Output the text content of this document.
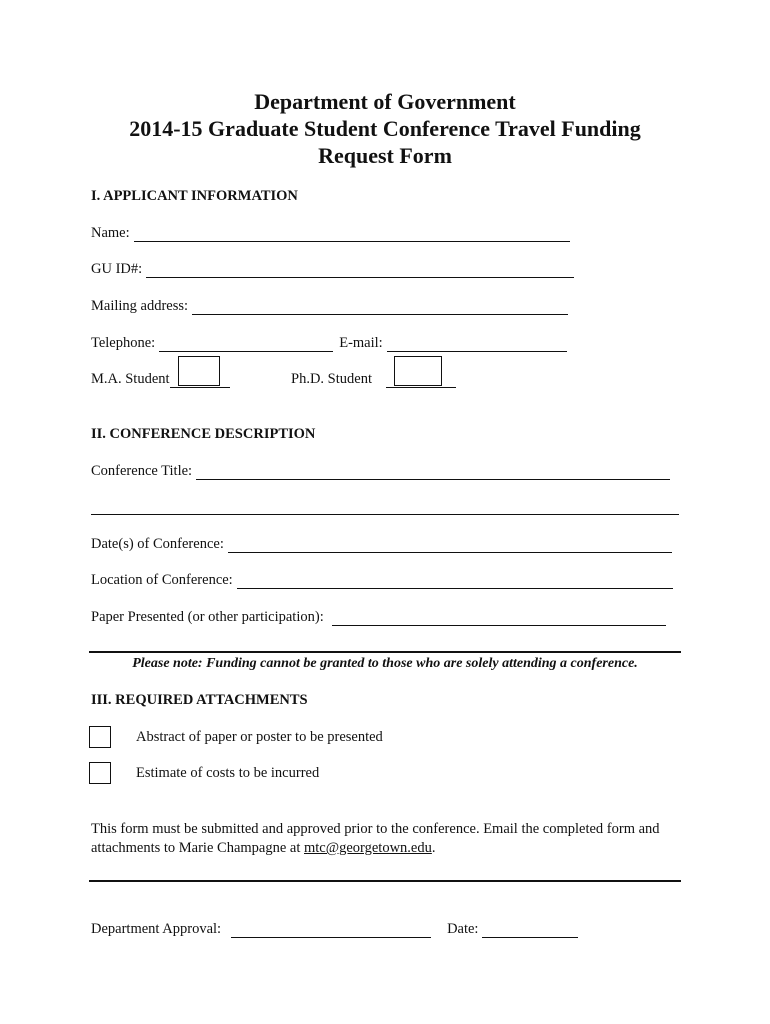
Department of Government
2014-15 Graduate Student Conference Travel Funding
Request Form
I. APPLICANT INFORMATION
Name:
GU ID#:
Mailing address:
Telephone:	E-mail:
M.A. Student	Ph.D. Student
II. CONFERENCE DESCRIPTION
Conference Title:
Date(s) of Conference:
Location of Conference:
Paper Presented (or other participation):
Please note: Funding cannot be granted to those who are solely attending a conference.
III. REQUIRED ATTACHMENTS
Abstract of paper or poster to be presented
Estimate of costs to be incurred
This form must be submitted and approved prior to the conference. Email the completed form and attachments to Marie Champagne at mtc@georgetown.edu.
Department Approval:	Date:
